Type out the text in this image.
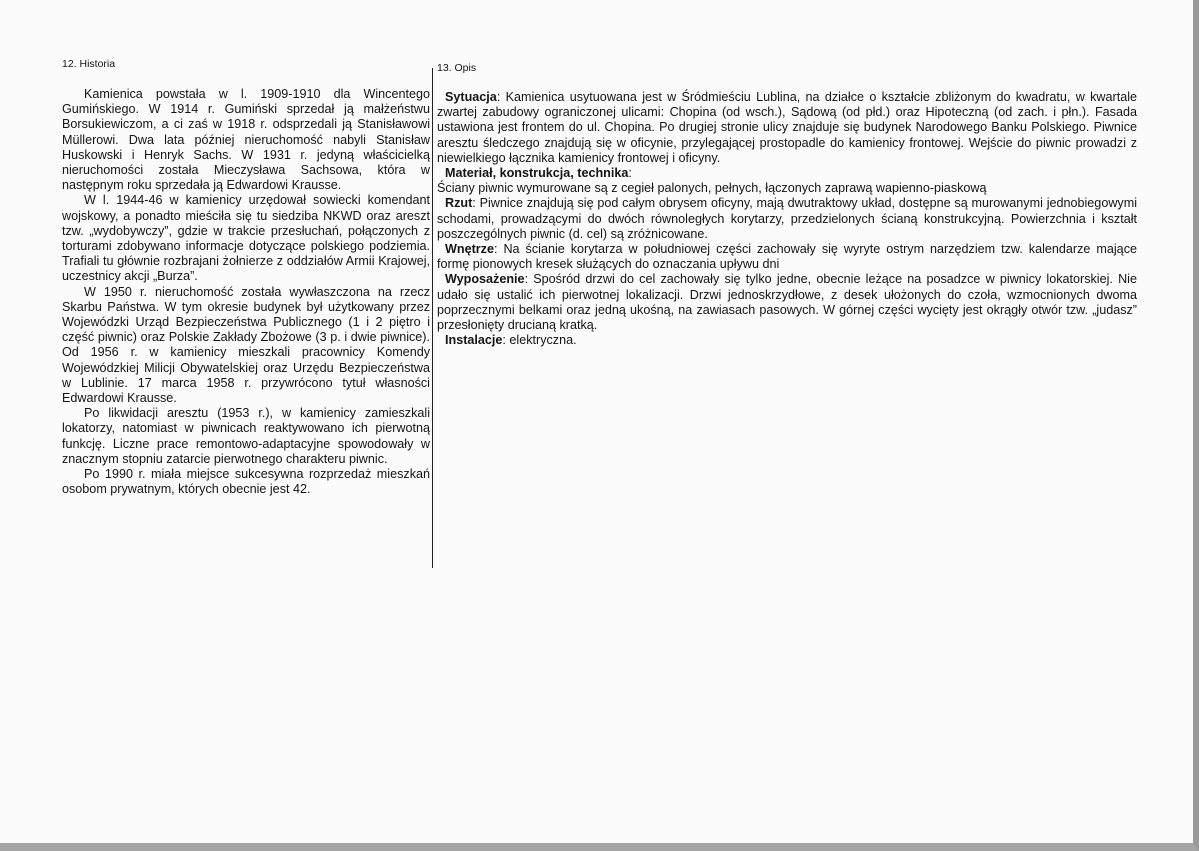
12. Historia

Kamienica powstała w l. 1909-1910 dla Wincentego Gumińskiego. W 1914 r. Gumiński sprzedał ją małżeństwu Borsukiewiczom, a ci zaś w 1918 r. odsprzedali ją Stanisławowi Müllerowi. Dwa lata później nieruchomość nabyli Stanisław Huskowski i Henryk Sachs. W 1931 r. jedyną właścicielką nieruchomości została Mieczysława Sachsowa, która w następnym roku sprzedała ją Edwardowi Krausse.

W l. 1944-46 w kamienicy urzędował sowiecki komendant wojskowy, a ponadto mieściła się tu siedziba NKWD oraz areszt tzw. „wydobywczy”, gdzie w trakcie przesłuchań, połączonych z torturami zdobywano informacje dotyczące polskiego podziemia. Trafiali tu głównie rozbrajani żołnierze z oddziałów Armii Krajowej, uczestnicy akcji „Burza”.

W 1950 r. nieruchomość została wywłaszczona na rzecz Skarbu Państwa. W tym okresie budynek był użytkowany przez Wojewódzki Urząd Bezpieczeństwa Publicznego (1 i 2 piętro i część piwnic) oraz Polskie Zakłady Zbożowe (3 p. i dwie piwnice). Od 1956 r. w kamienicy mieszkali pracownicy Komendy Wojewódzkiej Milicji Obywatelskiej oraz Urzędu Bezpieczeństwa w Lublinie. 17 marca 1958 r. przywrócono tytuł własności Edwardowi Krausse.

Po likwidacji aresztu (1953 r.), w kamienicy zamieszkali lokatorzy, natomiast w piwnicach reaktywowano ich pierwotną funkcję. Liczne prace remontowo-adaptacyjne spowodowały w znacznym stopniu zatarcie pierwotnego charakteru piwnic.

Po 1990 r. miała miejsce sukcesywna rozprzedaż mieszkań osobom prywatnym, których obecnie jest 42.

13. Opis

Sytuacja: Kamienica usytuowana jest w Śródmieściu Lublina, na działce o kształcie zbliżonym do kwadratu, w kwartale zwartej zabudowy ograniczonej ulicami: Chopina (od wsch.), Sądową (od płd.) oraz Hipoteczną (od zach. i płn.). Fasada ustawiona jest frontem do ul. Chopina. Po drugiej stronie ulicy znajduje się budynek Narodowego Banku Polskiego. Piwnice aresztu śledczego znajdują się w oficynie, przylegającej prostopadle do kamienicy frontowej. Wejście do piwnic prowadzi z niewielkiego łącznika kamienicy frontowej i oficyny.

Materiał, konstrukcja, technika:

Ściany piwnic wymurowane są z cegieł palonych, pełnych, łączonych zaprawą wapienno-piaskową

Rzut: Piwnice znajdują się pod całym obrysem oficyny, mają dwutraktowy układ, dostępne są murowanymi jednobiegowymi schodami, prowadzącymi do dwóch równoległych korytarzy, przedzielonych ścianą konstrukcyjną. Powierzchnia i kształt poszczególnych piwnic (d. cel) są zróżnicowane.

Wnętrze: Na ścianie korytarza w południowej części zachowały się wyryte ostrym narzędziem tzw. kalendarze mające formę pionowych kresek służących do oznaczania upływu dni

Wyposażenie: Spośród drzwi do cel zachowały się tylko jedne, obecnie leżące na posadzce w piwnicy lokatorskiej. Nie udało się ustalić ich pierwotnej lokalizacji. Drzwi jednoskrzydłowe, z desek ułożonych do czoła, wzmocnionych dwoma poprzecznymi belkami oraz jedną ukośną, na zawiasach pasowych. W górnej części wycięty jest okrągły otwór tzw. „judasz” przesłonięty drucianą kratką.

Instalacje: elektryczna.
